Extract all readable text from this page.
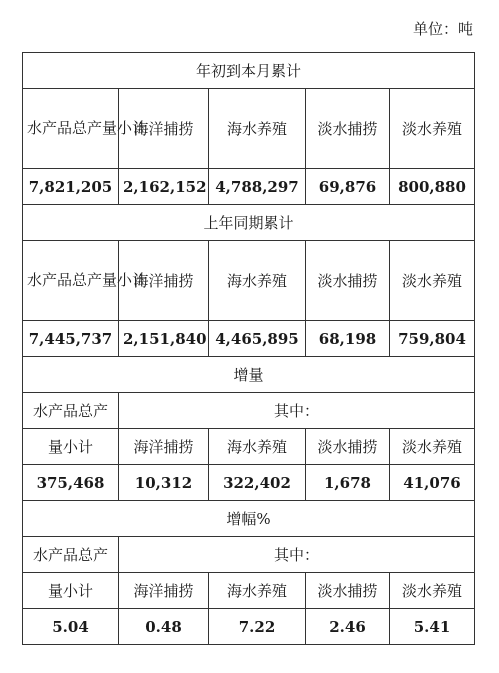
单位：吨
年初到本月累计				
水产品总产量小计	海洋捕捞	海水养殖	淡水捕捞	淡水养殖
7,821,205	2,162,152	4,788,297	69,876	800,880
上年同期累计				
水产品总产量小计	海洋捕捞	海水养殖	淡水捕捞	淡水养殖
7,445,737	2,151,840	4,465,895	68,198	759,804
增量				
水产品总产	其中：			
量小计	海洋捕捞	海水养殖	淡水捕捞	淡水养殖
375,468	10,312	322,402	1,678	41,076
增幅%				
水产品总产	其中：			
量小计	海洋捕捞	海水养殖	淡水捕捞	淡水养殖
5.04	0.48	7.22	2.46	5.41
